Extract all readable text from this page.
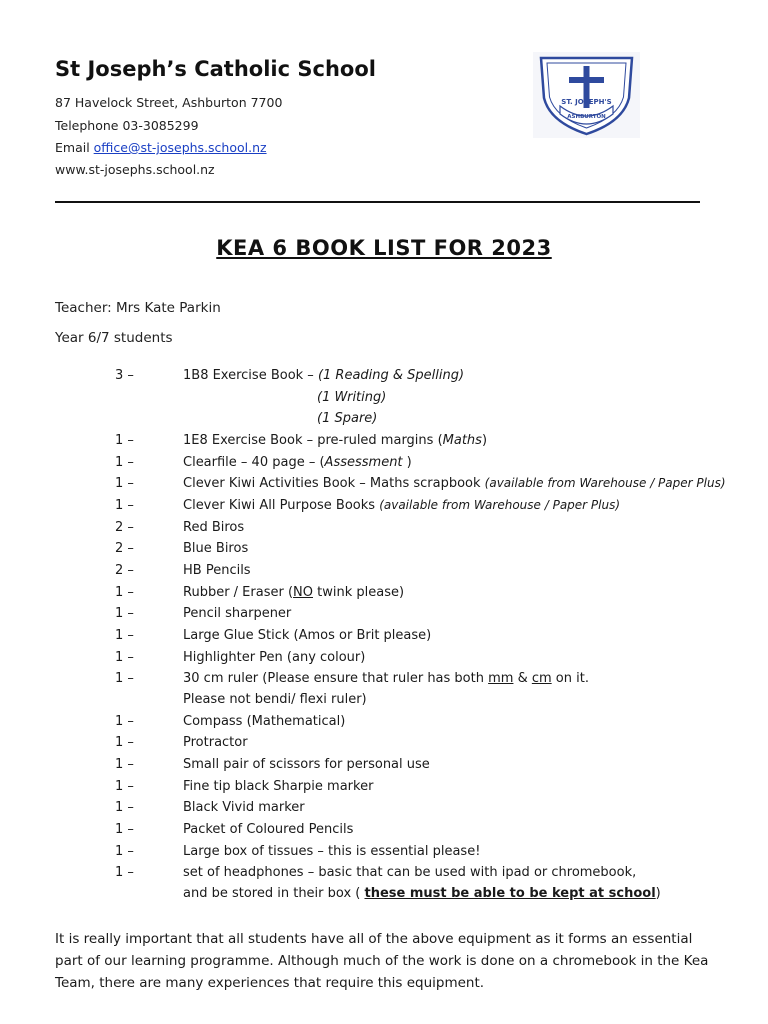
St Joseph’s Catholic School
87 Havelock Street, Ashburton 7700
Telephone 03-3085299
Email office@st-josephs.school.nz
www.st-josephs.school.nz
ST. JOSEPH'S
ASHBURTON
KEA 6 BOOK LIST FOR 2023
Teacher: Mrs Kate Parkin
Year 6/7 students
3 –	1B8 Exercise Book – (1 Reading & Spelling)
(1 Writing)
(1 Spare)
1 –	1E8 Exercise Book – pre-ruled margins (Maths)
1 –	Clearfile – 40 page – (Assessment )
1 –	Clever Kiwi Activities Book – Maths scrapbook (available from Warehouse / Paper Plus)
1 –	Clever Kiwi All Purpose Books (available from Warehouse / Paper Plus)
2 –	Red Biros
2 –	Blue Biros
2 –	HB Pencils
1 –	Rubber / Eraser (NO twink please)
1 –	Pencil sharpener
1 –	Large Glue Stick (Amos or Brit please)
1 –	Highlighter Pen (any colour)
1 –	30 cm ruler (Please ensure that ruler has both mm & cm on it.
Please not bendi/ flexi ruler)
1 –	Compass (Mathematical)
1 –	Protractor
1 –	Small pair of scissors for personal use
1 –	Fine tip black Sharpie marker
1 –	Black Vivid marker
1 –	Packet of Coloured Pencils
1 –	Large box of tissues – this is essential please!
1 –	set of headphones – basic that can be used with ipad or chromebook,
and be stored in their box ( these must be able to be kept at school)
It is really important that all students have all of the above equipment as it forms an essential
part of our learning programme. Although much of the work is done on a chromebook in the Kea
Team, there are many experiences that require this equipment.
